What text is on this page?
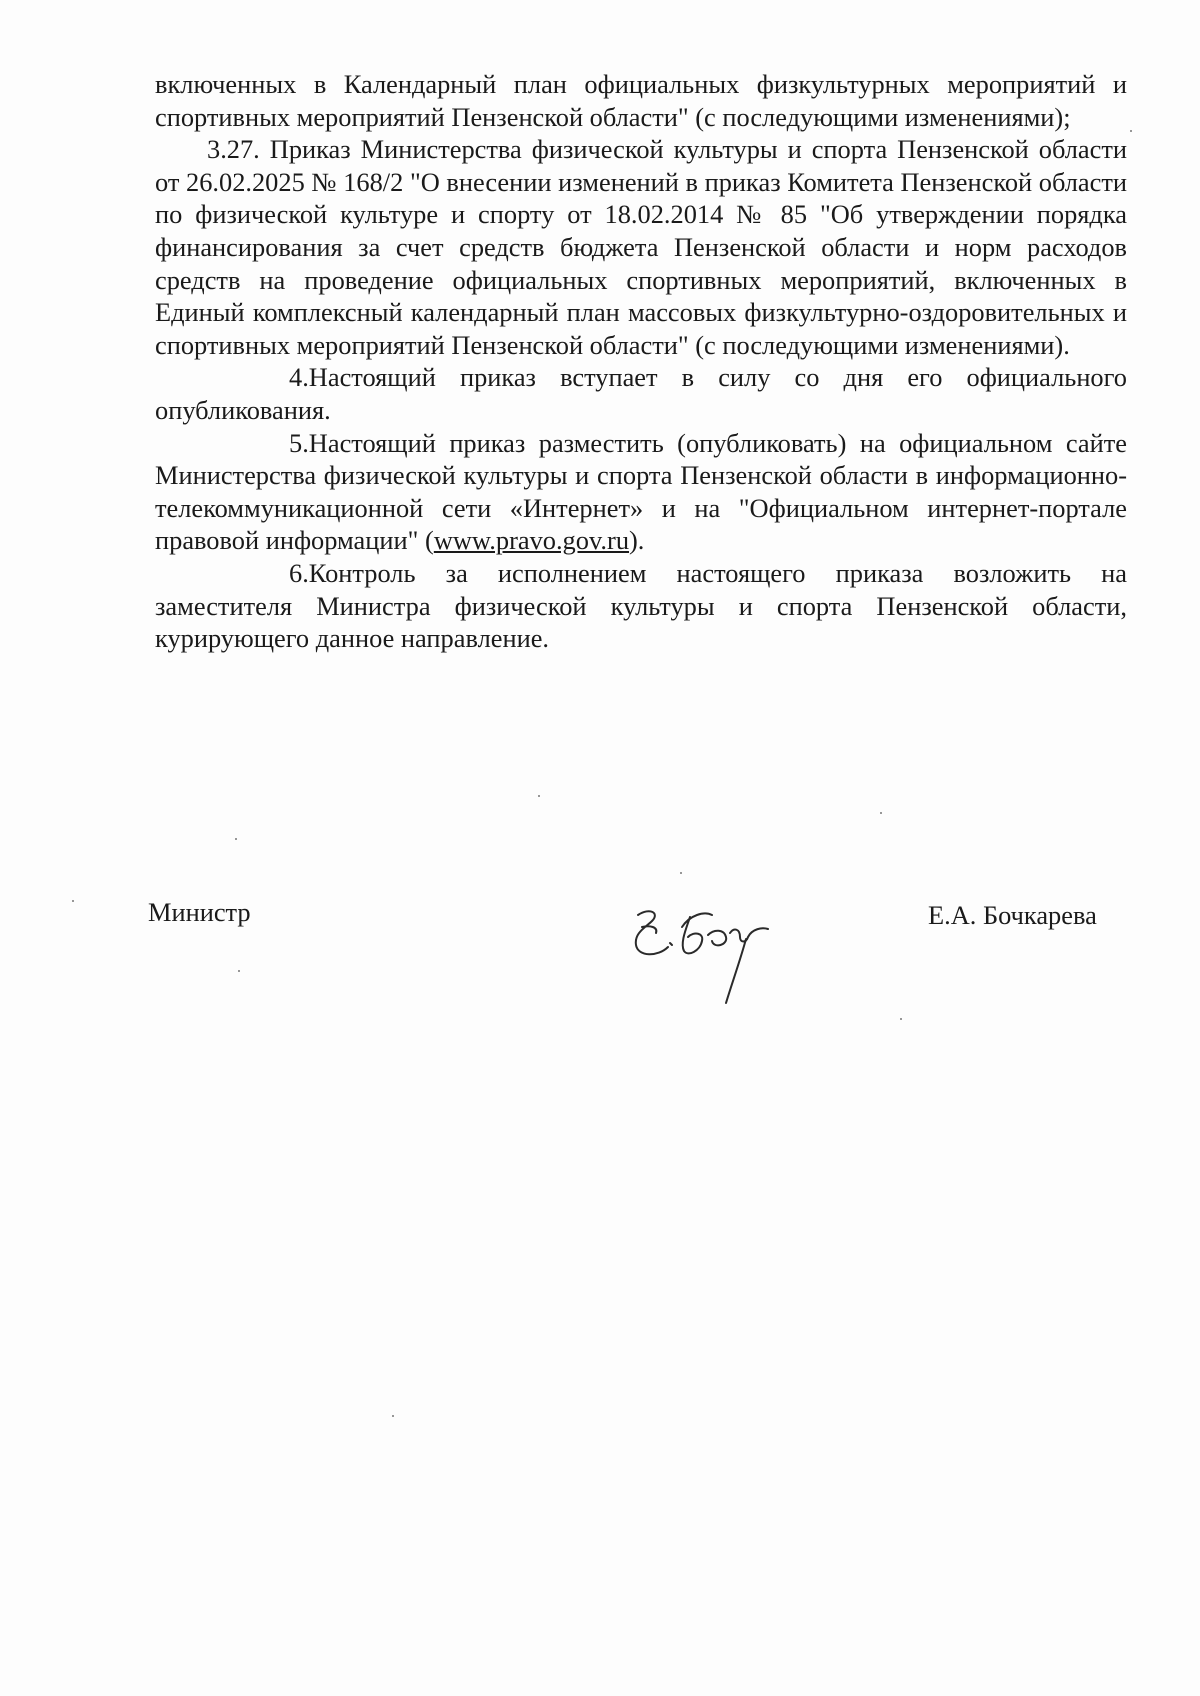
включенных в Календарный план официальных физкультурных мероприятий и спортивных мероприятий Пензенской области" (с последующими изменениями);

3.27. Приказ Министерства физической культуры и спорта Пензенской области от 26.02.2025 № 168/2 "О внесении изменений в приказ Комитета Пензенской области по физической культуре и спорту от 18.02.2014 № 85 "Об утверждении порядка финансирования за счет средств бюджета Пензенской области и норм расходов средств на проведение официальных спортивных мероприятий, включенных в Единый комплексный календарный план массовых физкультурно-оздоровительных и спортивных мероприятий Пензенской области" (с последующими изменениями).

4.Настоящий приказ вступает в силу со дня его официального опубликования.

5.Настоящий приказ разместить (опубликовать) на официальном сайте Министерства физической культуры и спорта Пензенской области в информационно-телекоммуникационной сети «Интернет» и на "Официальном интернет-портале правовой информации" (www.pravo.gov.ru).

6.Контроль за исполнением настоящего приказа возложить на заместителя Министра физической культуры и спорта Пензенской области, курирующего данное направление.

Министр	Е.А. Бочкарева
